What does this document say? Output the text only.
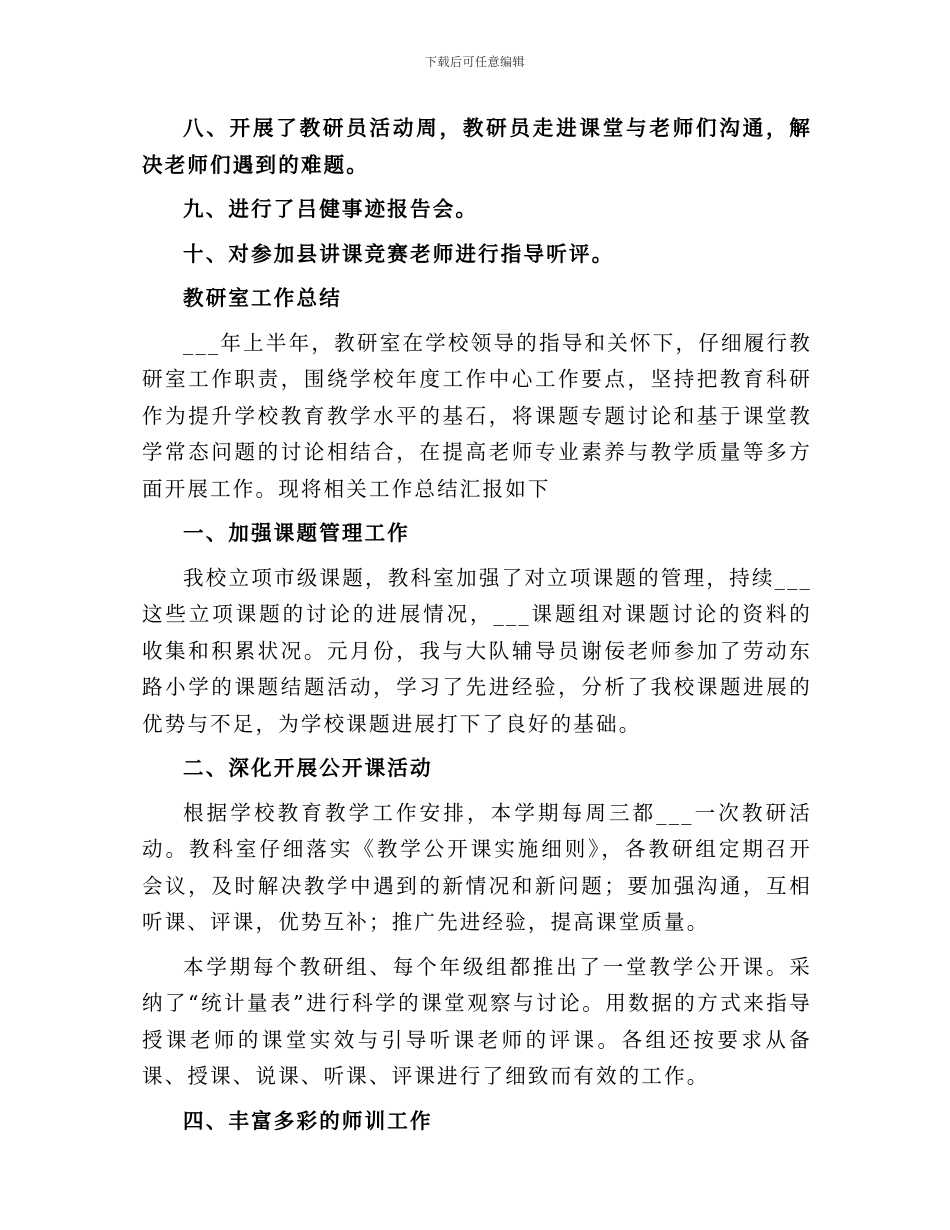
下载后可任意编辑

八、开展了教研员活动周，教研员走进课堂与老师们沟通，解决老师们遇到的难题。

九、进行了吕健事迹报告会。

十、对参加县讲课竞赛老师进行指导听评。

教研室工作总结

___年上半年，教研室在学校领导的指导和关怀下，仔细履行教研室工作职责，围绕学校年度工作中心工作要点，坚持把教育科研作为提升学校教育教学水平的基石，将课题专题讨论和基于课堂教学常态问题的讨论相结合，在提高老师专业素养与教学质量等多方面开展工作。现将相关工作总结汇报如下

一、加强课题管理工作

我校立项市级课题，教科室加强了对立项课题的管理，持续___这些立项课题的讨论的进展情况，___课题组对课题讨论的资料的收集和积累状况。元月份，我与大队辅导员谢佞老师参加了劳动东路小学的课题结题活动，学习了先进经验，分析了我校课题进展的优势与不足，为学校课题进展打下了良好的基础。

二、深化开展公开课活动

根据学校教育教学工作安排，本学期每周三都___一次教研活动。教科室仔细落实《教学公开课实施细则》，各教研组定期召开会议，及时解决教学中遇到的新情况和新问题；要加强沟通，互相听课、评课，优势互补；推广先进经验，提高课堂质量。

本学期每个教研组、每个年级组都推出了一堂教学公开课。采纳了“统计量表”进行科学的课堂观察与讨论。用数据的方式来指导授课老师的课堂实效与引导听课老师的评课。各组还按要求从备课、授课、说课、听课、评课进行了细致而有效的工作。

四、丰富多彩的师训工作
